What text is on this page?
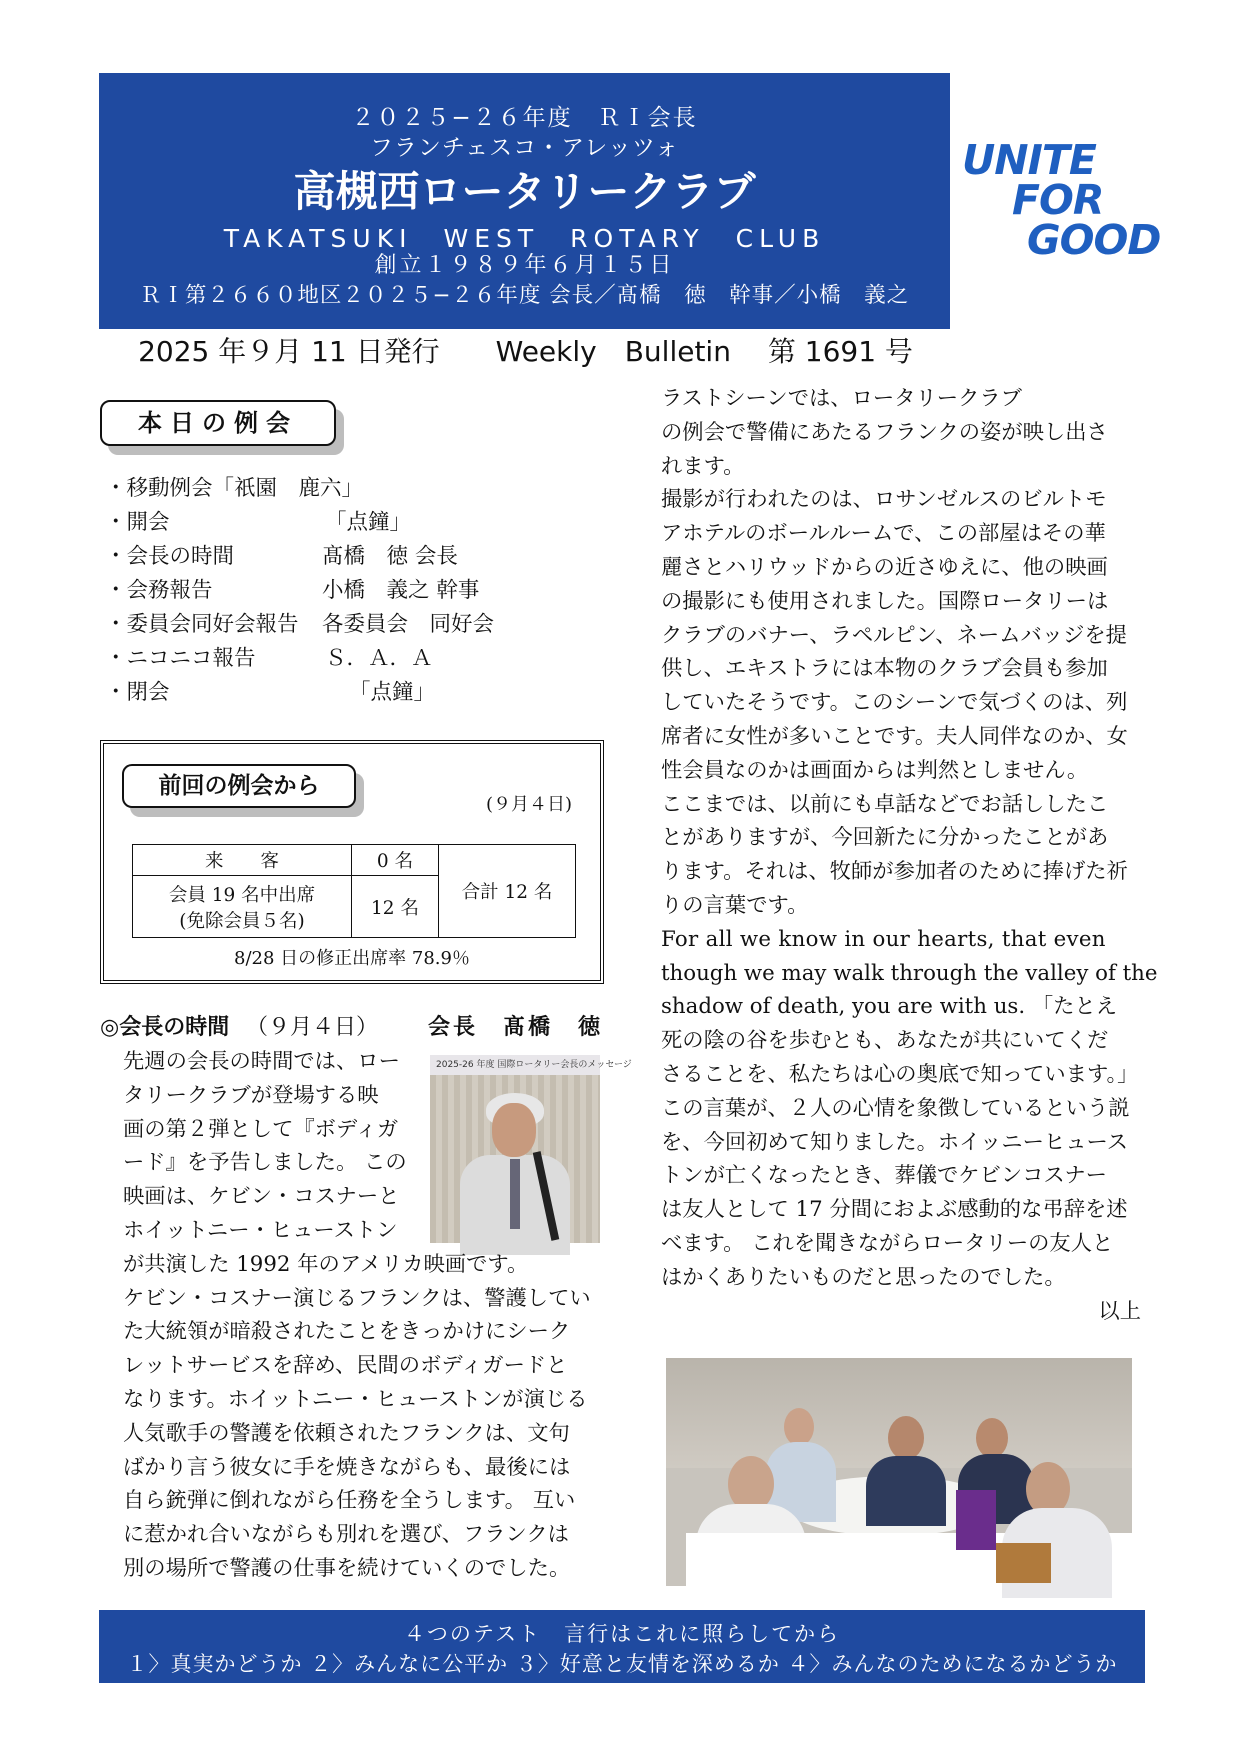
２０２５−２６年度　ＲＩ会長
フランチェスコ・アレッツォ
高槻西ロータリークラブ
TAKATSUKI　WEST　ROTARY　CLUB
創立１９８９年６月１５日
ＲＩ第２６６０地区２０２５−２６年度 会長／髙橋　徳　幹事／小橋　義之
UNITE
FOR
GOOD
2025 年９月 11 日発行　　Weekly　Bulletin　 第 1691 号
本日の例会
・移動例会「祇園　鹿六」
・開会	「点鐘」
・会長の時間	髙橋　徳 会長
・会務報告	小橋　義之 幹事
・委員会同好会報告 各委員会　同好会
・ニコニコ報告	Ｓ．Ａ．Ａ
・閉会	「点鐘」
前回の例会から
(９月４日)
来　　客	0 名	合計 12 名

会員 19 名中出席
(免除会員５名)	12 名	
8/28 日の修正出席率 78.9％
◎会長の時間 （９月４日） 会長　髙橋　徳
2025-26 年度 国際ロータリー会長のメッセージ
先週の会長の時間では、ロー
タリークラブが登場する映
画の第２弾として『ボディガ
ード』を予告しました。 この
映画は、ケビン・コスナーと
ホイットニー・ヒューストン
が共演した 1992 年のアメリカ映画です。
ケビン・コスナー演じるフランクは、警護してい
た大統領が暗殺されたことをきっかけにシーク
レットサービスを辞め、民間のボディガードと
なります。ホイットニー・ヒューストンが演じる
人気歌手の警護を依頼されたフランクは、文句
ばかり言う彼女に手を焼きながらも、最後には
自ら銃弾に倒れながら任務を全うします。 互い
に惹かれ合いながらも別れを選び、フランクは
別の場所で警護の仕事を続けていくのでした。
ラストシーンでは、ロータリークラブ
の例会で警備にあたるフランクの姿が映し出さ
れます。
撮影が行われたのは、ロサンゼルスのビルトモ
アホテルのボールルームで、この部屋はその華
麗さとハリウッドからの近さゆえに、他の映画
の撮影にも使用されました。国際ロータリーは
クラブのバナー、ラペルピン、ネームバッジを提
供し、エキストラには本物のクラブ会員も参加
していたそうです。このシーンで気づくのは、列
席者に女性が多いことです。夫人同伴なのか、女
性会員なのかは画面からは判然としません。
ここまでは、以前にも卓話などでお話ししたこ
とがありますが、今回新たに分かったことがあ
ります。それは、牧師が参加者のために捧げた祈
りの言葉です。
For all we know in our hearts, that even
though we may walk through the valley of the
shadow of death, you are with us. 「たとえ
死の陰の谷を歩むとも、あなたが共にいてくだ
さることを、私たちは心の奥底で知っています。」
この言葉が、２人の心情を象徴しているという説
を、今回初めて知りました。ホイッニーヒュース
トンが亡くなったとき、葬儀でケビンコスナー
は友人として 17 分間におよぶ感動的な弔辞を述
べます。 これを聞きながらロータリーの友人と
はかくありたいものだと思ったのでした。
以上
４つのテスト　言行はこれに照らしてから
１〉真実かどうか ２〉みんなに公平か ３〉好意と友情を深めるか ４〉みんなのためになるかどうか
